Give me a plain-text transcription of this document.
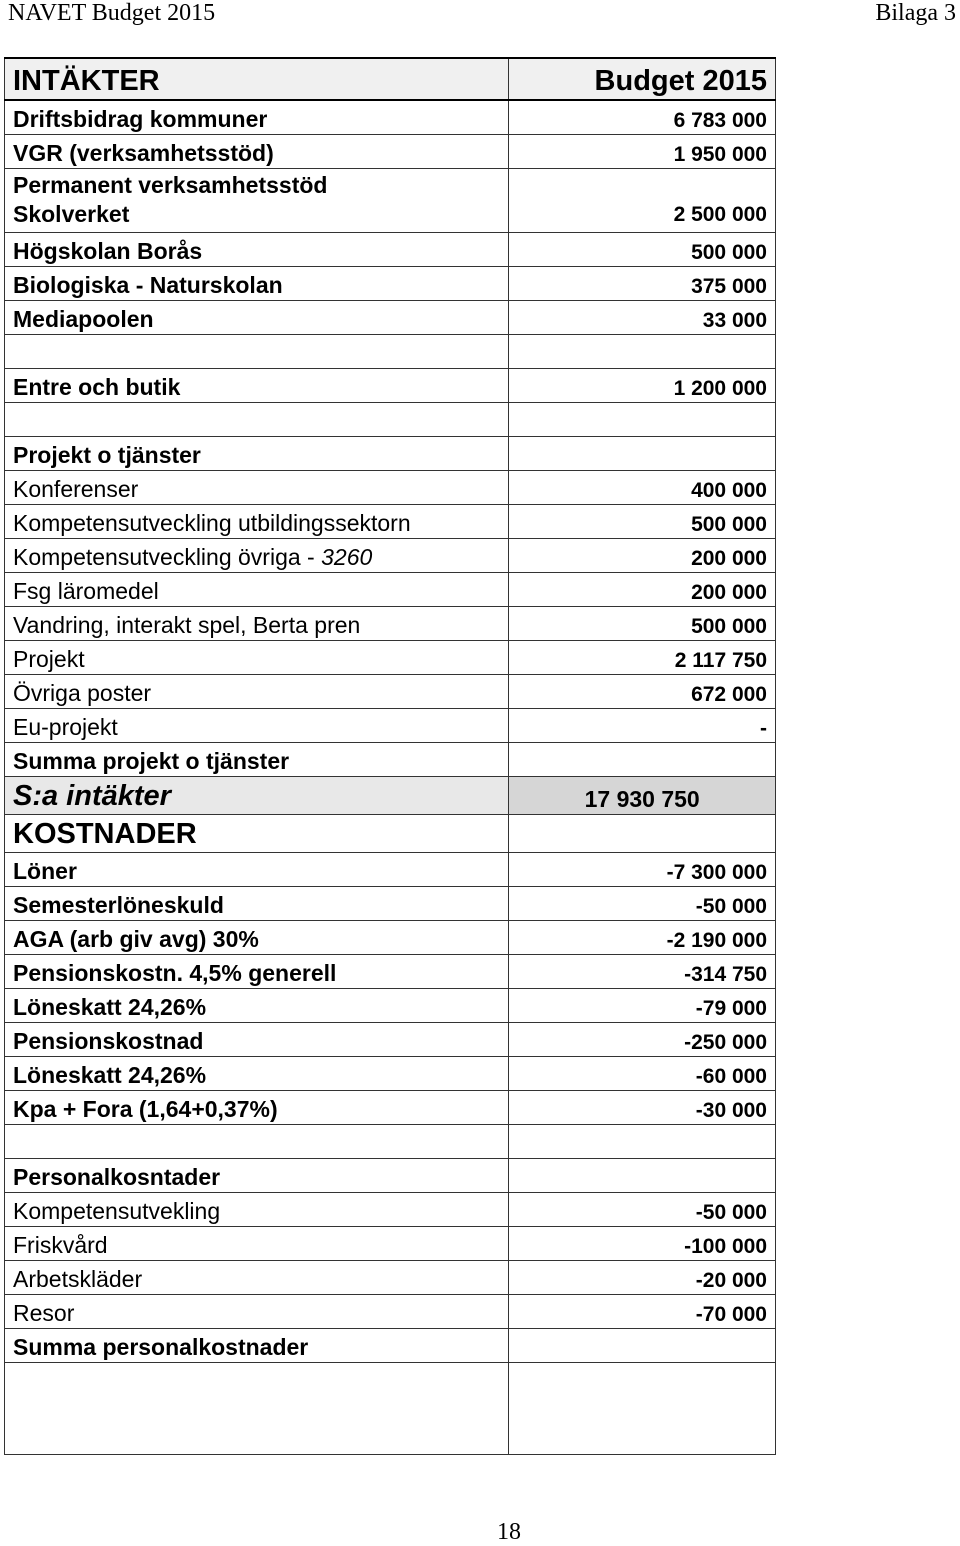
NAVET Budget 2015	Bilaga 3
INTÄKTER	Budget 2015
Driftsbidrag kommuner	6 783 000
VGR (verksamhetsstöd)	1 950 000
Permanent verksamhetsstöd
Skolverket	2 500 000
Högskolan Borås	500 000
Biologiska - Naturskolan	375 000
Mediapoolen	33 000

Entre och butik	1 200 000

Projekt o tjänster	
Konferenser	400 000
Kompetensutveckling utbildingssektorn	500 000
Kompetensutveckling övriga - 3260	200 000
Fsg läromedel	200 000
Vandring, interakt spel, Berta pren	500 000
Projekt	2 117 750
Övriga poster	672 000
Eu-projekt	-
Summa projekt o tjänster	
S:a intäkter	17 930 750
KOSTNADER	
Löner	-7 300 000
Semesterlöneskuld	-50 000
AGA (arb giv avg) 30%	-2 190 000
Pensionskostn. 4,5% generell	-314 750
Löneskatt 24,26%	-79 000
Pensionskostnad	-250 000
Löneskatt 24,26%	-60 000
Kpa + Fora (1,64+0,37%)	-30 000

Personalkosntader	
Kompetensutvekling	-50 000
Friskvård	-100 000
Arbetskläder	-20 000
Resor	-70 000
Summa personalkostnader	

18
